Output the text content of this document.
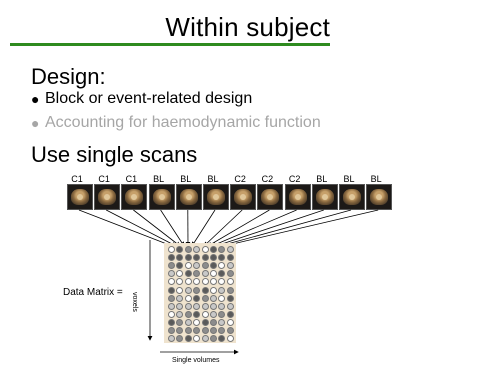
Within subject
Design:
● Block or event-related design
● Accounting for haemodynamic function
Use single scans
C1	C1	C1	BL	BL	BL	C2	C2	C2	BL	BL	BL
Data Matrix = voxels
Single volumes
